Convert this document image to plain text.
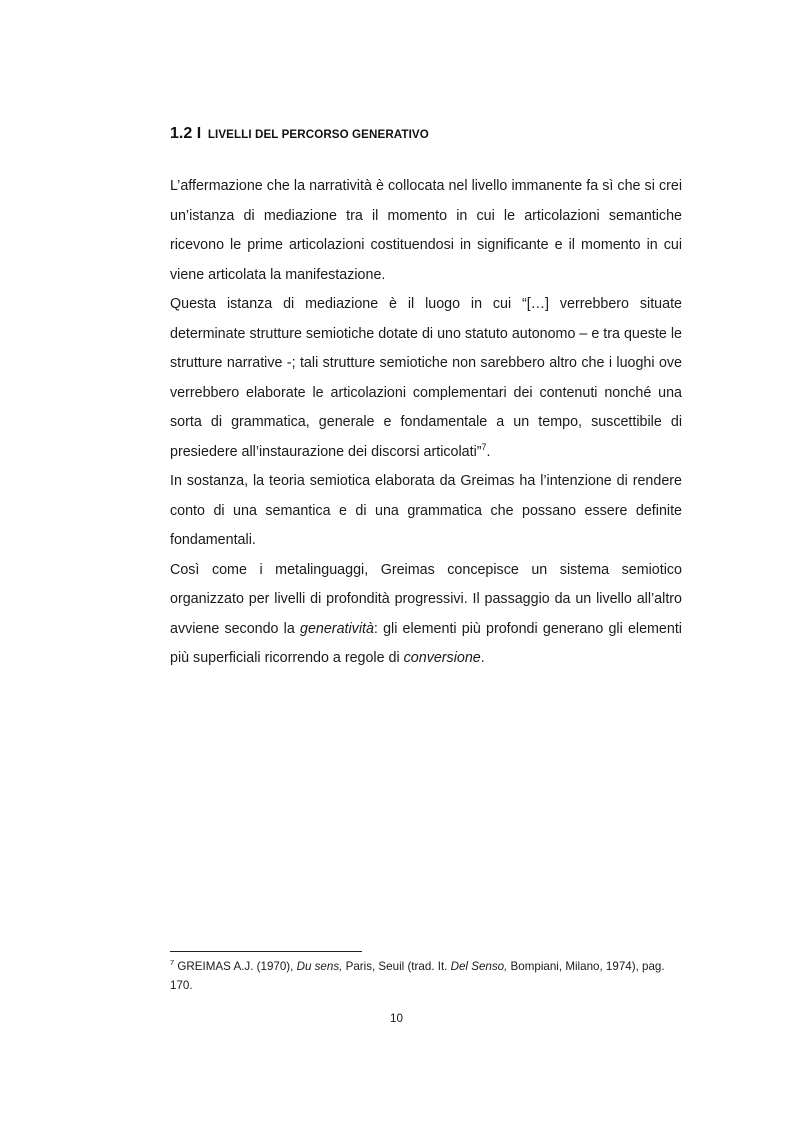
1.2 I LIVELLI DEL PERCORSO GENERATIVO

L’affermazione che la narratività è collocata nel livello immanente fa sì che si crei un’istanza di mediazione tra il momento in cui le articolazioni semantiche ricevono le prime articolazioni costituendosi in significante e il momento in cui viene articolata la manifestazione.

Questa istanza di mediazione è il luogo in cui “[…] verrebbero situate determinate strutture semiotiche dotate di uno statuto autonomo – e tra queste le strutture narrative -; tali strutture semiotiche non sarebbero altro che i luoghi ove verrebbero elaborate le articolazioni complementari dei contenuti nonché una sorta di grammatica, generale e fondamentale a un tempo, suscettibile di presiedere all’instaurazione dei discorsi articolati”$^7$.

In sostanza, la teoria semiotica elaborata da Greimas ha l’intenzione di rendere conto di una semantica e di una grammatica che possano essere definite fondamentali.

Così come i metalinguaggi, Greimas concepisce un sistema semiotico organizzato per livelli di profondità progressivi. Il passaggio da un livello all’altro avviene secondo la generatività: gli elementi più profondi generano gli elementi più superficiali ricorrendo a regole di conversione.

$^7$ GREIMAS A.J. (1970), Du sens, Paris, Seuil (trad. It. Del Senso, Bompiani, Milano, 1974), pag. 170.

10
